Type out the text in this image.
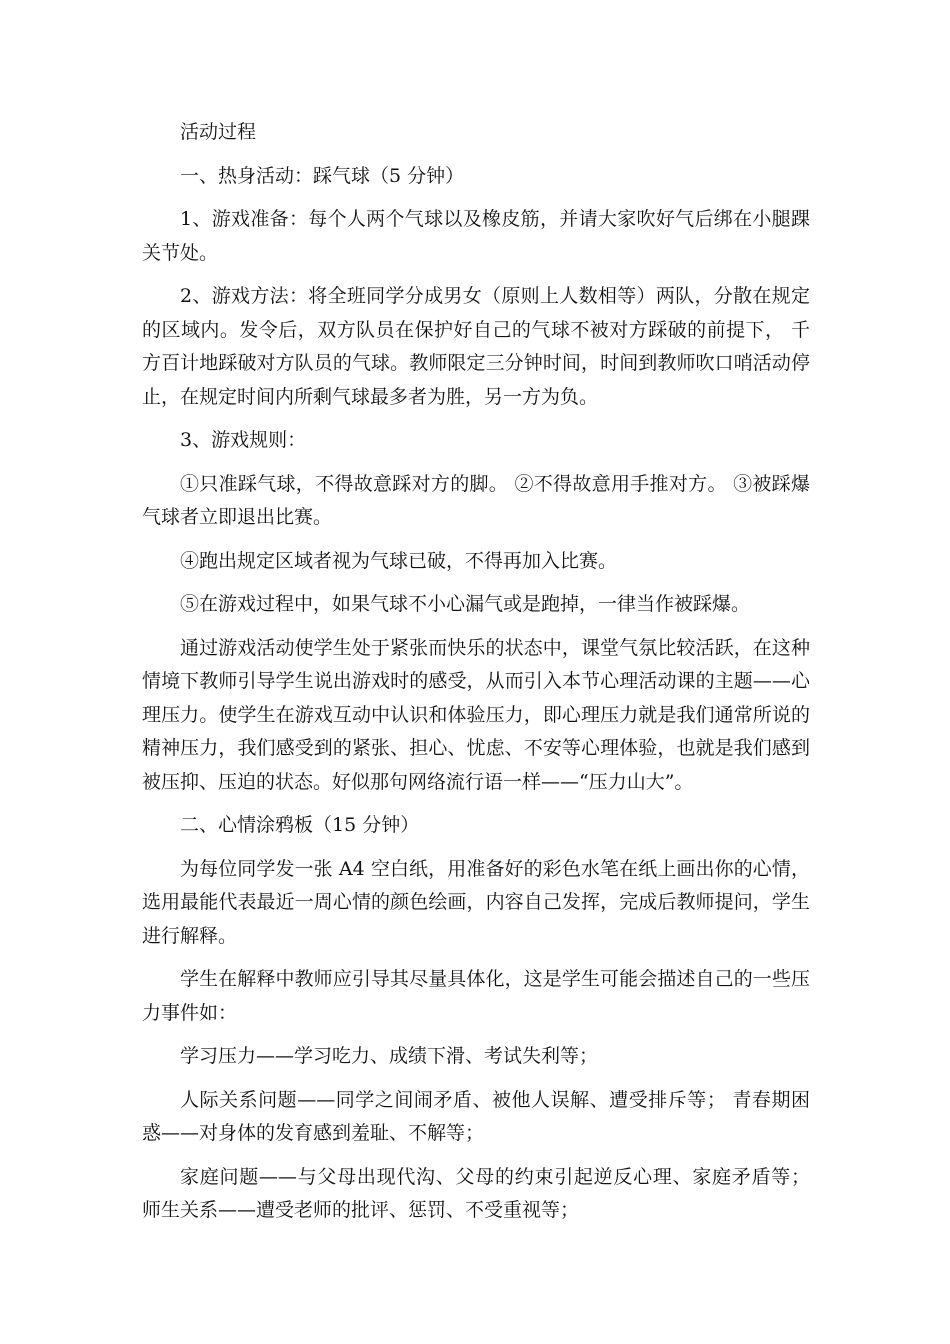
活动过程

一、热身活动：踩气球（5 分钟）

1、游戏准备：每个人两个气球以及橡皮筋，并请大家吹好气后绑在小腿踝关节处。

2、游戏方法：将全班同学分成男女（原则上人数相等）两队，分散在规定的区域内。发令后，双方队员在保护好自己的气球不被对方踩破的前提下， 千方百计地踩破对方队员的气球。教师限定三分钟时间，时间到教师吹口哨活动停止，在规定时间内所剩气球最多者为胜，另一方为负。

3、游戏规则：

①只准踩气球，不得故意踩对方的脚。 ②不得故意用手推对方。 ③被踩爆气球者立即退出比赛。

④跑出规定区域者视为气球已破，不得再加入比赛。

⑤在游戏过程中，如果气球不小心漏气或是跑掉，一律当作被踩爆。

通过游戏活动使学生处于紧张而快乐的状态中，课堂气氛比较活跃，在这种情境下教师引导学生说出游戏时的感受，从而引入本节心理活动课的主题——心理压力。使学生在游戏互动中认识和体验压力，即心理压力就是我们通常所说的精神压力，我们感受到的紧张、担心、忧虑、不安等心理体验，也就是我们感到被压抑、压迫的状态。好似那句网络流行语一样——“压力山大”。

二、心情涂鸦板（15 分钟）

为每位同学发一张 A4 空白纸，用准备好的彩色水笔在纸上画出你的心情，选用最能代表最近一周心情的颜色绘画，内容自己发挥，完成后教师提问，学生进行解释。

学生在解释中教师应引导其尽量具体化，这是学生可能会描述自己的一些压力事件如：

学习压力——学习吃力、成绩下滑、考试失利等；

人际关系问题——同学之间闹矛盾、被他人误解、遭受排斥等； 青春期困惑——对身体的发育感到羞耻、不解等；

家庭问题——与父母出现代沟、父母的约束引起逆反心理、家庭矛盾等； 师生关系——遭受老师的批评、惩罚、不受重视等；
